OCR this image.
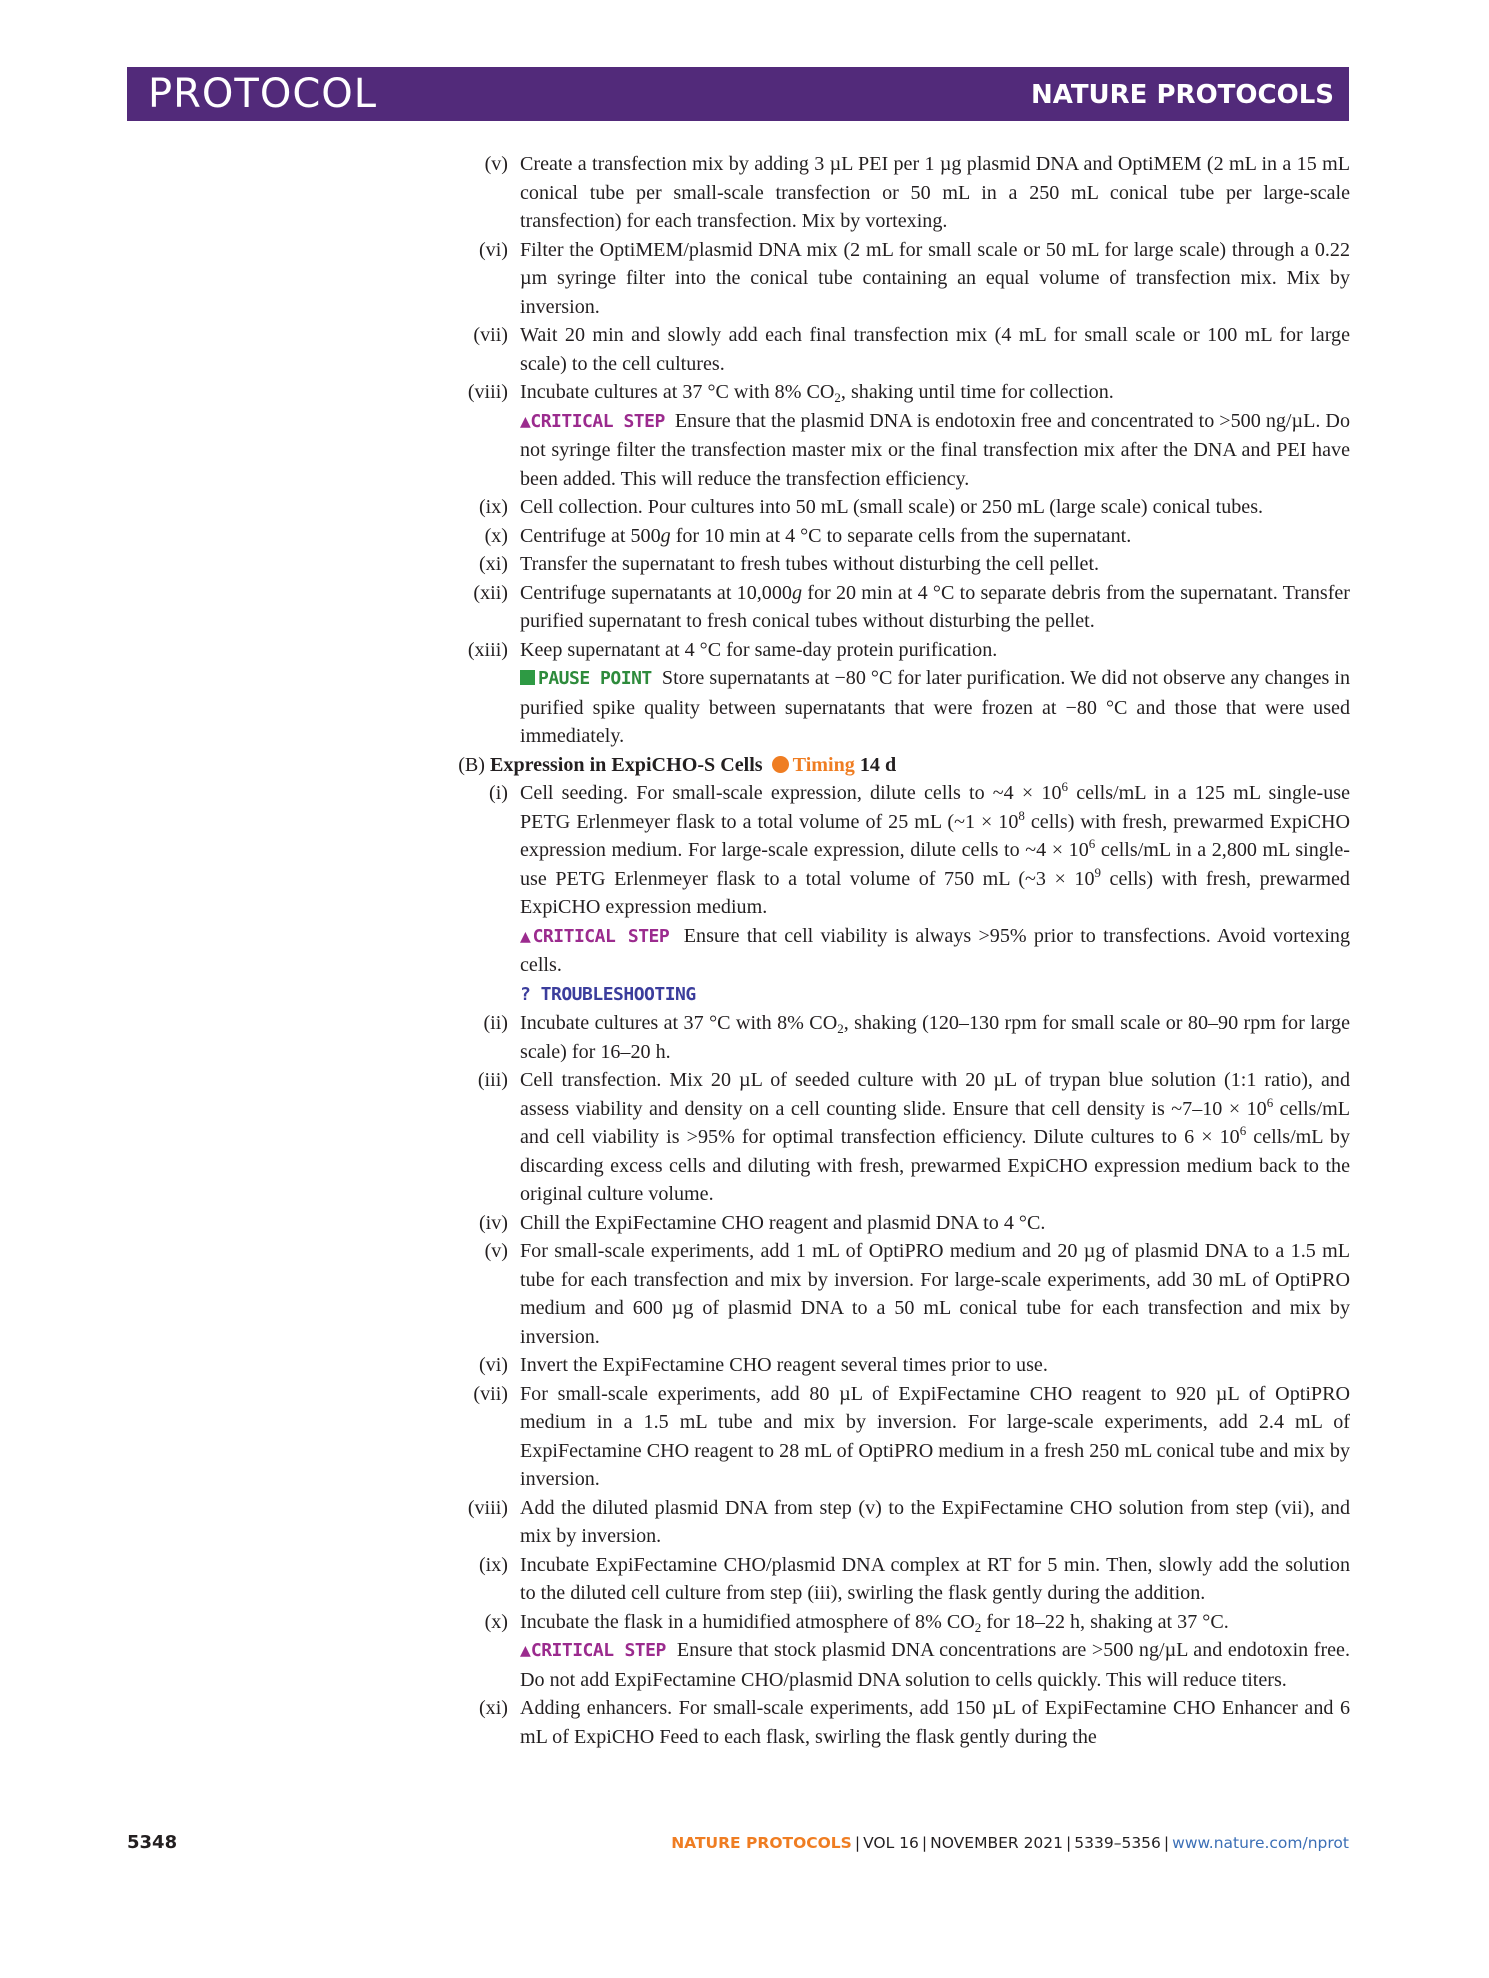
PROTOCOL	NATURE PROTOCOLS
(v) Create a transfection mix by adding 3 µL PEI per 1 µg plasmid DNA and OptiMEM (2 mL in a 15 mL conical tube per small-scale transfection or 50 mL in a 250 mL conical tube per large-scale transfection) for each transfection. Mix by vortexing.
(vi) Filter the OptiMEM/plasmid DNA mix (2 mL for small scale or 50 mL for large scale) through a 0.22 µm syringe filter into the conical tube containing an equal volume of transfection mix. Mix by inversion.
(vii) Wait 20 min and slowly add each final transfection mix (4 mL for small scale or 100 mL for large scale) to the cell cultures.
(viii) Incubate cultures at 37 °C with 8% $CO_2$, shaking until time for collection.
▲CRITICAL STEP Ensure that the plasmid DNA is endotoxin free and concentrated to >500 ng/µL. Do not syringe filter the transfection master mix or the final transfection mix after the DNA and PEI have been added. This will reduce the transfection efficiency.
(ix) Cell collection. Pour cultures into 50 mL (small scale) or 250 mL (large scale) conical tubes.
(x) Centrifuge at 500g for 10 min at 4 °C to separate cells from the supernatant.
(xi) Transfer the supernatant to fresh tubes without disturbing the cell pellet.
(xii) Centrifuge supernatants at 10,000g for 20 min at 4 °C to separate debris from the supernatant. Transfer purified supernatant to fresh conical tubes without disturbing the pellet.
(xiii) Keep supernatant at 4 °C for same-day protein purification.
PAUSE POINT Store supernatants at −80 °C for later purification. We did not observe any changes in purified spike quality between supernatants that were frozen at −80 °C and those that were used immediately.
(B) Expression in ExpiCHO-S Cells Timing 14 d
(i) Cell seeding. For small-scale expression, dilute cells to ~4 × $10^6$ cells/mL in a 125 mL single-use PETG Erlenmeyer flask to a total volume of 25 mL (~1 × $10^8$ cells) with fresh, prewarmed ExpiCHO expression medium. For large-scale expression, dilute cells to ~4 × $10^6$ cells/mL in a 2,800 mL single-use PETG Erlenmeyer flask to a total volume of 750 mL (~3 × $10^9$ cells) with fresh, prewarmed ExpiCHO expression medium.
▲CRITICAL STEP Ensure that cell viability is always >95% prior to transfections. Avoid vortexing cells.
? TROUBLESHOOTING
(ii) Incubate cultures at 37 °C with 8% $CO_2$, shaking (120–130 rpm for small scale or 80–90 rpm for large scale) for 16–20 h.
(iii) Cell transfection. Mix 20 µL of seeded culture with 20 µL of trypan blue solution (1:1 ratio), and assess viability and density on a cell counting slide. Ensure that cell density is ~7–10 × $10^6$ cells/mL and cell viability is >95% for optimal transfection efficiency. Dilute cultures to $6 \times 10^6$ cells/mL by discarding excess cells and diluting with fresh, prewarmed ExpiCHO expression medium back to the original culture volume.
(iv) Chill the ExpiFectamine CHO reagent and plasmid DNA to 4 °C.
(v) For small-scale experiments, add 1 mL of OptiPRO medium and 20 µg of plasmid DNA to a 1.5 mL tube for each transfection and mix by inversion. For large-scale experiments, add 30 mL of OptiPRO medium and 600 µg of plasmid DNA to a 50 mL conical tube for each transfection and mix by inversion.
(vi) Invert the ExpiFectamine CHO reagent several times prior to use.
(vii) For small-scale experiments, add 80 µL of ExpiFectamine CHO reagent to 920 µL of OptiPRO medium in a 1.5 mL tube and mix by inversion. For large-scale experiments, add 2.4 mL of ExpiFectamine CHO reagent to 28 mL of OptiPRO medium in a fresh 250 mL conical tube and mix by inversion.
(viii) Add the diluted plasmid DNA from step (v) to the ExpiFectamine CHO solution from step (vii), and mix by inversion.
(ix) Incubate ExpiFectamine CHO/plasmid DNA complex at RT for 5 min. Then, slowly add the solution to the diluted cell culture from step (iii), swirling the flask gently during the addition.
(x) Incubate the flask in a humidified atmosphere of 8% $CO_2$ for 18–22 h, shaking at 37 °C.
▲CRITICAL STEP Ensure that stock plasmid DNA concentrations are >500 ng/µL and endotoxin free. Do not add ExpiFectamine CHO/plasmid DNA solution to cells quickly. This will reduce titers.
(xi) Adding enhancers. For small-scale experiments, add 150 µL of ExpiFectamine CHO Enhancer and 6 mL of ExpiCHO Feed to each flask, swirling the flask gently during the
5348	NATURE PROTOCOLS | VOL 16 | NOVEMBER 2021 | 5339–5356 | www.nature.com/nprot
